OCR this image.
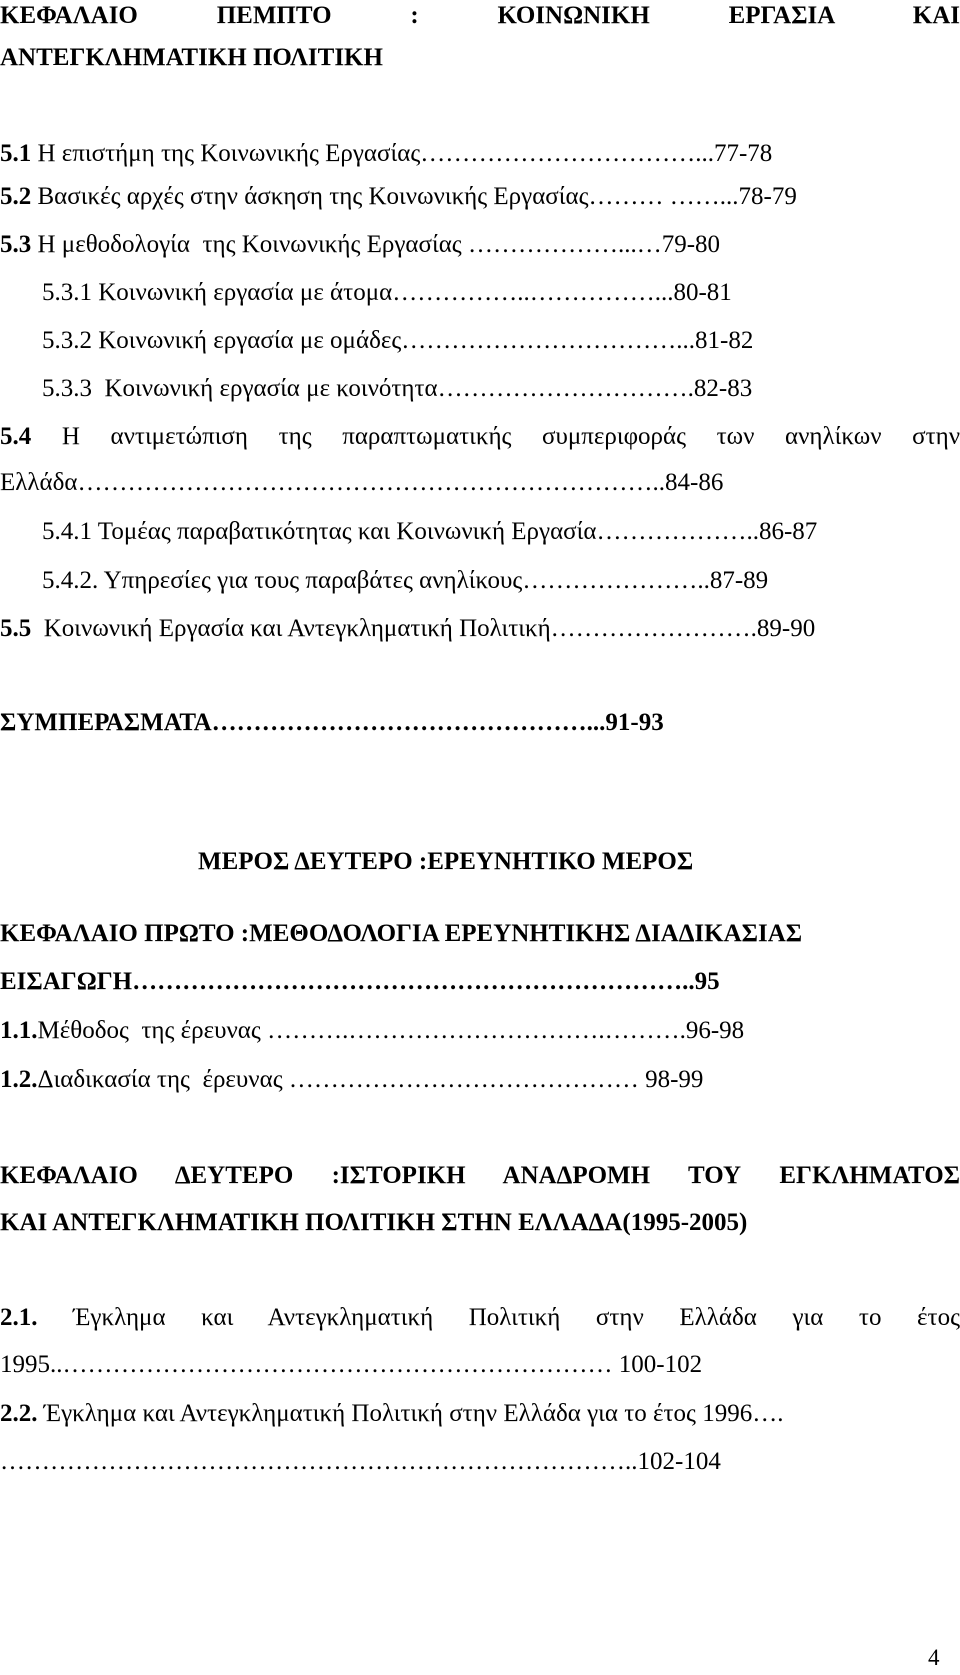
ΚΕΦΑΛΑΙΟ ΠΕΜΠΤΟ : ΚΟΙΝΩΝΙΚΗ ΕΡΓΑΣΙΑ ΚΑΙ
ΑΝΤΕΓΚΛΗΜΑΤΙΚΗ ΠΟΛΙΤΙΚΗ
5.1 Η επιστήμη της Κοινωνικής Εργασίας……………………………...77-78
5.2 Βασικές αρχές στην άσκηση της Κοινωνικής Εργασίας……… ……...78-79
5.3 Η μεθοδολογία  της Κοινωνικής Εργασίας ………………...…79-80
5.3.1 Κοινωνική εργασία με άτομα……………..……………...80-81
5.3.2 Κοινωνική εργασία με ομάδες……………………………...81-82
5.3.3  Κοινωνική εργασία με κοινότητα………………………….82-83
5.4 Η αντιμετώπιση της παραπτωματικής συμπεριφοράς των ανηλίκων στην
Ελλάδα……………………………………………………………..84-86
5.4.1 Τομέας παραβατικότητας και Κοινωνική Εργασία………………..86-87
5.4.2. Υπηρεσίες για τους παραβάτες ανηλίκους…………………..87-89
5.5  Κοινωνική Εργασία και Αντεγκληματική Πολιτική…………………….89-90
ΣΥΜΠΕΡΑΣΜΑΤΑ………………………………………...91-93
ΜΕΡΟΣ ΔΕΥΤΕΡΟ :ΕΡΕΥΝΗΤΙΚΟ ΜΕΡΟΣ
ΚΕΦΑΛΑΙΟ ΠΡΩΤΟ :ΜΕΘΟΔΟΛΟΓΙΑ ΕΡΕΥΝΗΤΙΚΗΣ ΔΙΑΔΙΚΑΣΙΑΣ
ΕΙΣΑΓΩΓΗ…………………………………………………………..95
1.1.Μέθοδος  της έρευνας ……….………………………….……….96-98
1.2.Διαδικασία της  έρευνας …………………………………… 98-99
ΚΕΦΑΛΑΙΟ ΔΕΥΤΕΡΟ :ΙΣΤΟΡΙΚΗ ΑΝΑΔΡΟΜΗ ΤΟΥ ΕΓΚΛΗΜΑΤΟΣ
ΚΑΙ ΑΝΤΕΓΚΛΗΜΑΤΙΚΗ ΠΟΛΙΤΙΚΗ ΣΤΗΝ ΕΛΛΑΔΑ(1995-2005)
2.1. Έγκλημα και Αντεγκληματική Πολιτική στην Ελλάδα για το έτος
1995..………………………………………………………… 100-102
2.2. Έγκλημα και Αντεγκληματική Πολιτική στην Ελλάδα για το έτος 1996….
…………………………………………………………………..102-104
4
